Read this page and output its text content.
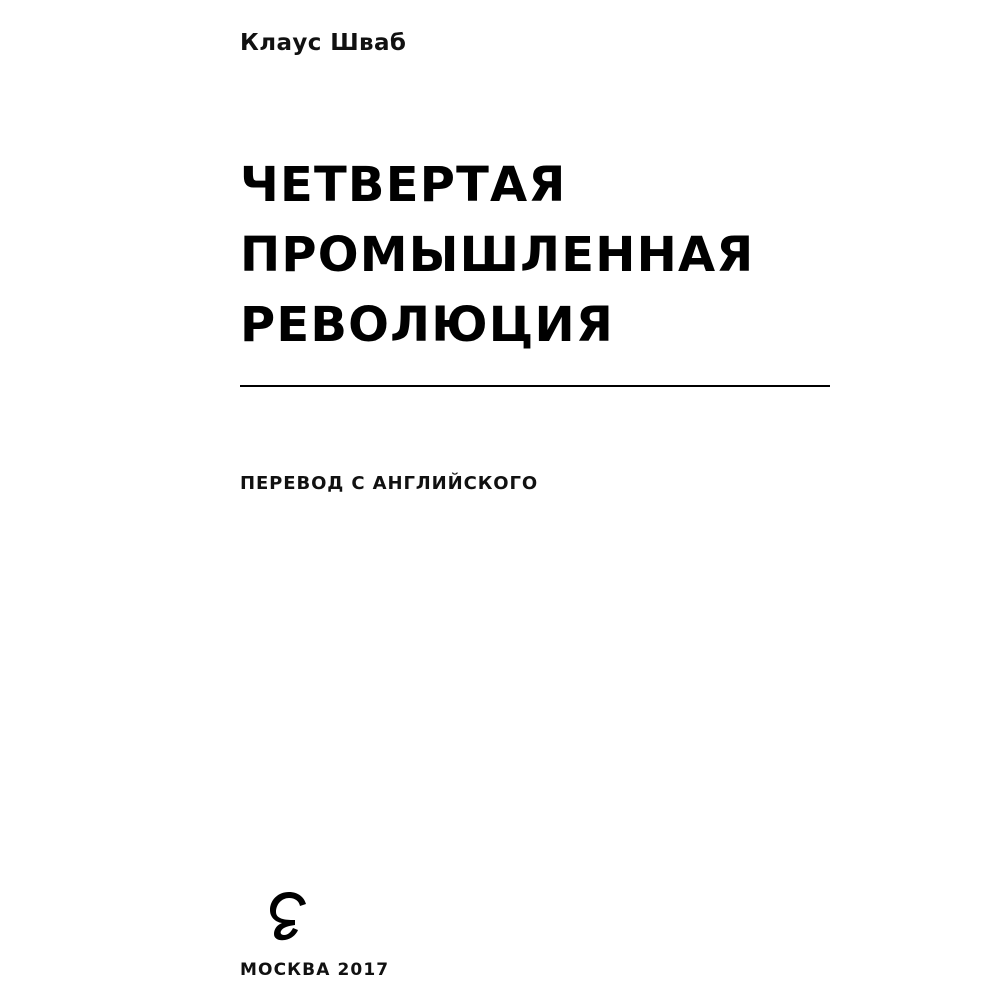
Клаус Шваб
ЧЕТВЕРТАЯ
ПРОМЫШЛЕННАЯ
РЕВОЛЮЦИЯ
ПЕРЕВОД С АНГЛИЙСКОГО
МОСКВА 2017
